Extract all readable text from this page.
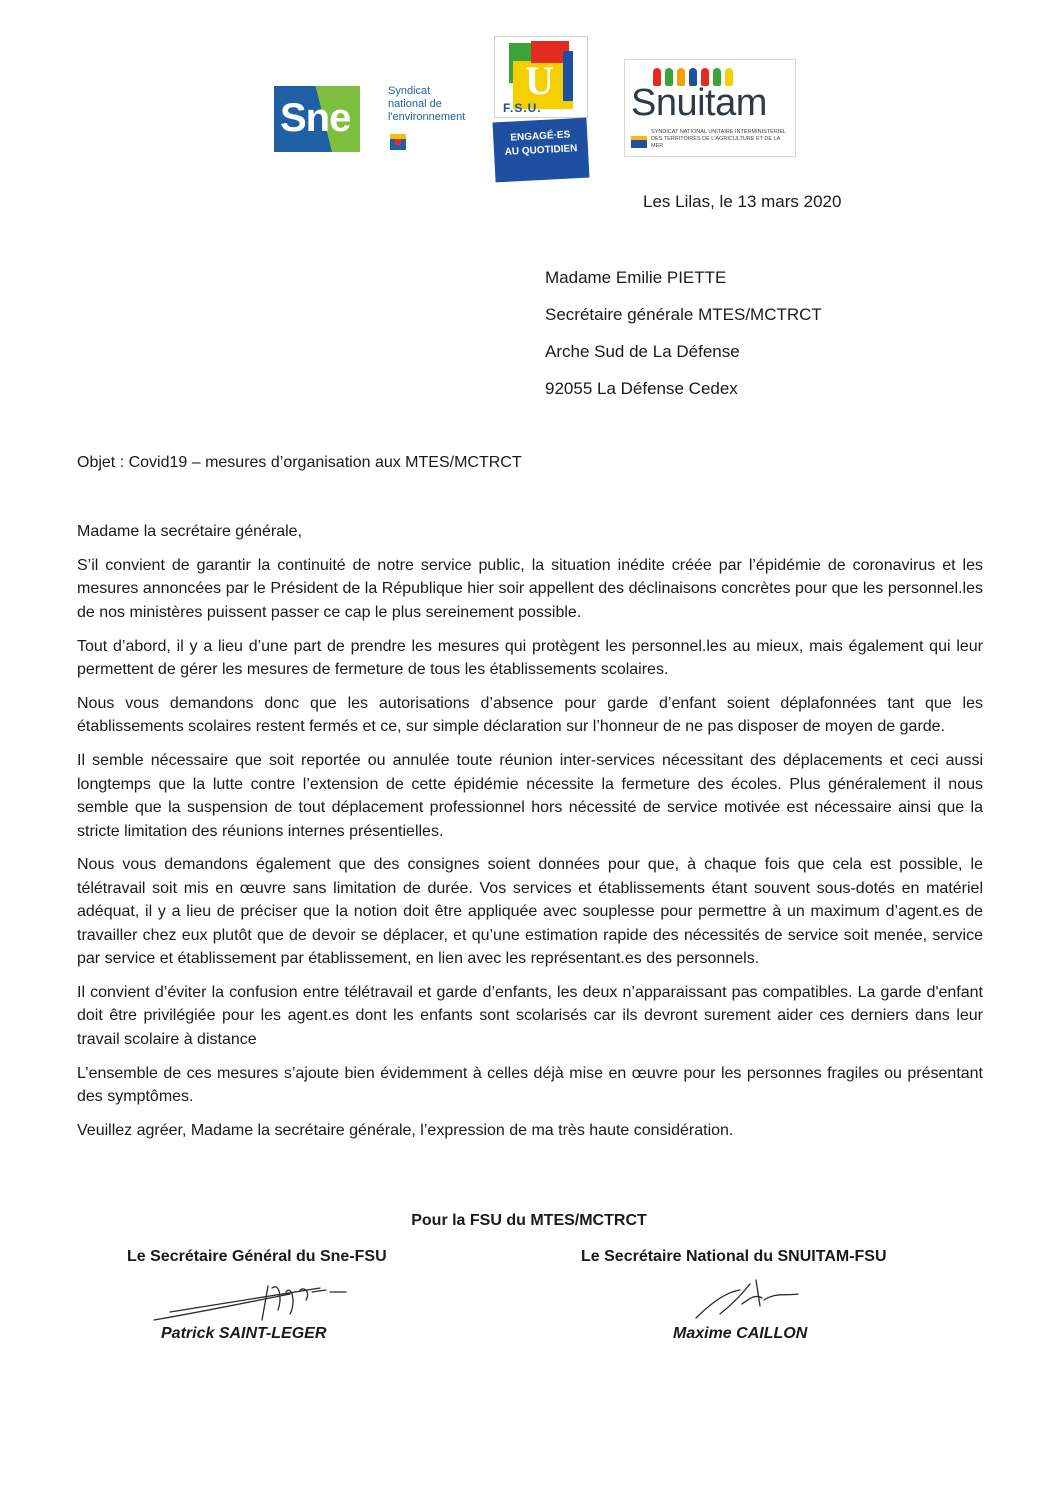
Sne
Syndicat
national de
l'environnement
U
F.S.U.
ENGAGÉ·ES
AU QUOTIDIEN
Snuitam
SYNDICAT NATIONAL UNITAIRE INTERMINISTÉRIEL DES TERRITOIRES DE L'AGRICULTURE ET DE LA MER
Les Lilas, le 13 mars 2020
Madame Emilie PIETTE
Secrétaire générale MTES/MCTRCT
Arche Sud de La Défense
92055 La Défense Cedex
Objet : Covid19 – mesures d’organisation aux MTES/MCTRCT
Madame la secrétaire générale,

S’il convient de garantir la continuité de notre service public, la situation inédite créée par l’épidémie de coronavirus et les mesures annoncées par le Président de la République hier soir appellent des déclinaisons concrètes pour que les personnel.les de nos ministères puissent passer ce cap le plus sereinement possible.

Tout d’abord, il y a lieu d’une part de prendre les mesures qui protègent les personnel.les au mieux, mais également qui leur permettent de gérer les mesures de fermeture de tous les établissements scolaires.

Nous vous demandons donc que les autorisations d’absence pour garde d’enfant soient déplafonnées tant que les établissements scolaires restent fermés et ce, sur simple déclaration sur l’honneur de ne pas disposer de moyen de garde.

Il semble nécessaire que soit reportée ou annulée toute réunion inter-services nécessitant des déplacements et ceci aussi longtemps que la lutte contre l’extension de cette épidémie nécessite la fermeture des écoles. Plus généralement il nous semble que la suspension de tout déplacement professionnel hors nécessité de service motivée est nécessaire ainsi que la stricte limitation des réunions internes présentielles.

Nous vous demandons également que des consignes soient données pour que, à chaque fois que cela est possible, le télétravail soit mis en œuvre sans limitation de durée. Vos services et établissements étant souvent sous-dotés en matériel adéquat, il y a lieu de préciser que la notion doit être appliquée avec souplesse pour permettre à un maximum d’agent.es de travailler chez eux plutôt que de devoir se déplacer, et qu’une estimation rapide des nécessités de service soit menée, service par service et établissement par établissement, en lien avec les représentant.es des personnels.

Il convient d’éviter la confusion entre télétravail et garde d’enfants, les deux n’apparaissant pas compatibles. La garde d'enfant doit être privilégiée pour les agent.es dont les enfants sont scolarisés car ils devront surement aider ces derniers dans leur travail scolaire à distance

L’ensemble de ces mesures s’ajoute bien évidemment à celles déjà mise en œuvre pour les personnes fragiles ou présentant des symptômes.

Veuillez agréer, Madame la secrétaire générale, l’expression de ma très haute considération.

Pour la FSU du MTES/MCTRCT
Le Secrétaire Général du Sne-FSU	Le Secrétaire National du SNUITAM-FSU
Patrick SAINT-LEGER	Maxime CAILLON
